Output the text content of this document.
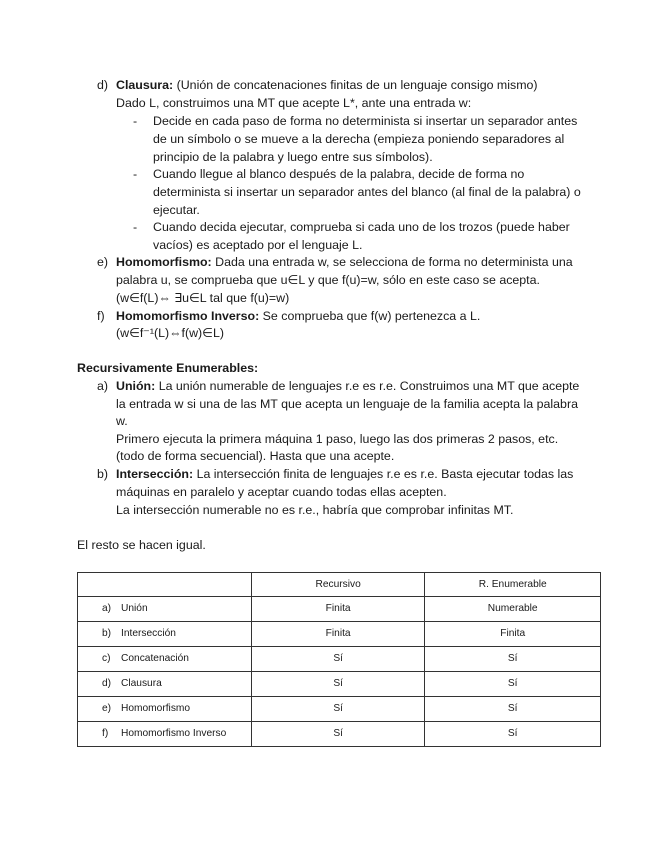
d) Clausura: (Unión de concatenaciones finitas de un lenguaje consigo mismo)
Dado L, construimos una MT que acepte L*, ante una entrada w:
- Decide en cada paso de forma no determinista si insertar un separador antes
de un símbolo o se mueve a la derecha (empieza poniendo separadores al
principio de la palabra y luego entre sus símbolos).
- Cuando llegue al blanco después de la palabra, decide de forma no
determinista si insertar un separador antes del blanco (al final de la palabra) o
ejecutar.
- Cuando decida ejecutar, comprueba si cada uno de los trozos (puede haber
vacíos) es aceptado por el lenguaje L.
e) Homomorfismo: Dada una entrada w, se selecciona de forma no determinista una
palabra u, se comprueba que u∈L y que f(u)=w, sólo en este caso se acepta.
(w∈f(L)⇔ ∃u∈L tal que f(u)=w)
f) Homomorfismo Inverso: Se comprueba que f(w) pertenezca a L.
(w∈f⁻¹(L)⇔f(w)∈L)
Recursivamente Enumerables:
a) Unión: La unión numerable de lenguajes r.e es r.e. Construimos una MT que acepte
la entrada w si una de las MT que acepta un lenguaje de la familia acepta la palabra
w.
Primero ejecuta la primera máquina 1 paso, luego las dos primeras 2 pasos, etc.
(todo de forma secuencial). Hasta que una acepte.
b) Intersección: La intersección finita de lenguajes r.e es r.e. Basta ejecutar todas las
máquinas en paralelo y aceptar cuando todas ellas acepten.
La intersección numerable no es r.e., habría que comprobar infinitas MT.
El resto se hacen igual.
	Recursivo	R. Enumerable
a) Unión	Finita	Numerable
b) Intersección	Finita	Finita
c) Concatenación	Sí	Sí
d) Clausura	Sí	Sí
e) Homomorfismo	Sí	Sí
f) Homomorfismo Inverso	Sí	Sí
